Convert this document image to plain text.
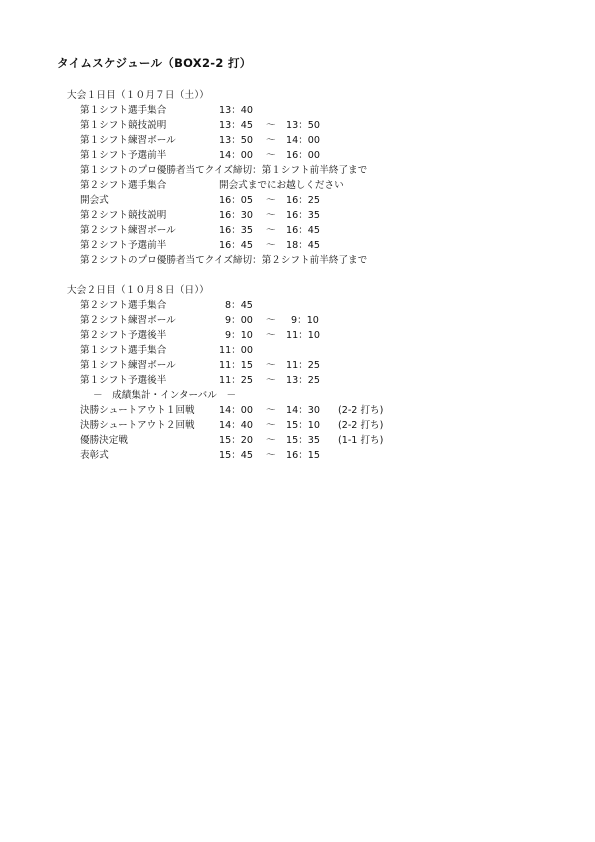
タイムスケジュール（BOX2-2 打）
大会１日目（１０月７日（土））
第１シフト選手集合	13：40
第１シフト競技説明	13：45 〜 13：50
第１シフト練習ボール	13：50 〜 14：00
第１シフト予選前半	14：00 〜 16：00
第１シフトのプロ優勝者当てクイズ締切：第１シフト前半終了まで
第２シフト選手集合	開会式までにお越しください
開会式	16：05 〜 16：25
第２シフト競技説明	16：30 〜 16：35
第２シフト練習ボール	16：35 〜 16：45
第２シフト予選前半	16：45 〜 18：45
第２シフトのプロ優勝者当てクイズ締切：第２シフト前半終了まで
大会２日目（１０月８日（日））
第２シフト選手集合	8：45
第２シフト練習ボール	9：00 〜 9：10
第２シフト予選後半	9：10 〜 11：10
第１シフト選手集合	11：00
第１シフト練習ボール	11：15 〜 11：25
第１シフト予選後半	11：25 〜 13：25
－　成績集計・インターバル　－
決勝シュートアウト１回戦	14：00 〜 14：30 (2-2 打ち)
決勝シュートアウト２回戦	14：40 〜 15：10 (2-2 打ち)
優勝決定戦	15：20 〜 15：35 (1-1 打ち)
表彰式	15：45 〜 16：15
